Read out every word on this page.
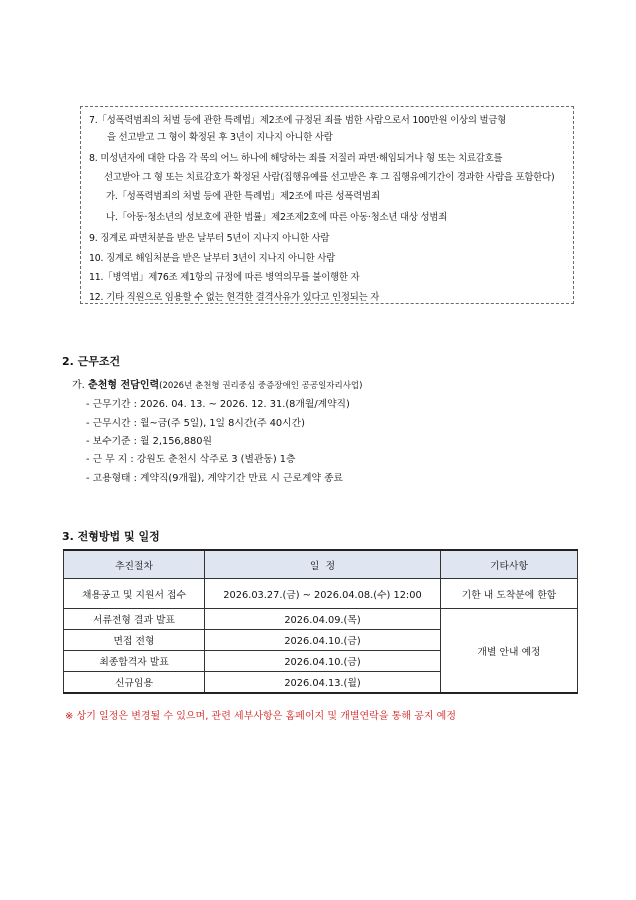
7.「성폭력범죄의 처벌 등에 관한 특례법」제2조에 규정된 죄를 범한 사람으로서 100만원 이상의 벌금형
을 선고받고 그 형이 확정된 후 3년이 지나지 아니한 사람
8. 미성년자에 대한 다음 각 목의 어느 하나에 해당하는 죄를 저질러 파면·해임되거나 형 또는 치료감호를
선고받아 그 형 또는 치료감호가 확정된 사람(집행유예를 선고받은 후 그 집행유예기간이 경과한 사람을 포함한다)
가.「성폭력범죄의 처벌 등에 관한 특례법」제2조에 따른 성폭력범죄
나.「아동·청소년의 성보호에 관한 법률」제2조제2호에 따른 아동·청소년 대상 성범죄
9. 징계로 파면처분을 받은 날부터 5년이 지나지 아니한 사람
10. 징계로 해임처분을 받은 날부터 3년이 지나지 아니한 사람
11.「병역법」제76조 제1항의 규정에 따른 병역의무를 불이행한 자
12. 기타 직원으로 임용할 수 없는 현격한 결격사유가 있다고 인정되는 자
2. 근무조건
가. 춘천형 전담인력(2026년 춘천형 권리중심 중증장애인 공공일자리사업)
- 근무기간 : 2026. 04. 13. ~ 2026. 12. 31.(8개월/계약직)
- 근무시간 : 월~금(주 5일), 1일 8시간(주 40시간)
- 보수기준 : 월 2,156,880원
- 근 무 지 : 강원도 춘천시 삭주로 3 (별관동) 1층
- 고용형태 : 계약직(9개월), 계약기간 만료 시 근로계약 종료
3. 전형방법 및 일정
추진절차	일  정	기타사항
채용공고 및 지원서 접수	2026.03.27.(금) ~ 2026.04.08.(수) 12:00	기한 내 도착분에 한함
서류전형 결과 발표	2026.04.09.(목)	개별 안내 예정
면접 전형	2026.04.10.(금)	
최종합격자 발표	2026.04.10.(금)	
신규임용	2026.04.13.(월)	
※ 상기 일정은 변경될 수 있으며, 관련 세부사항은 홈페이지 및 개별연락을 통해 공지 예정
